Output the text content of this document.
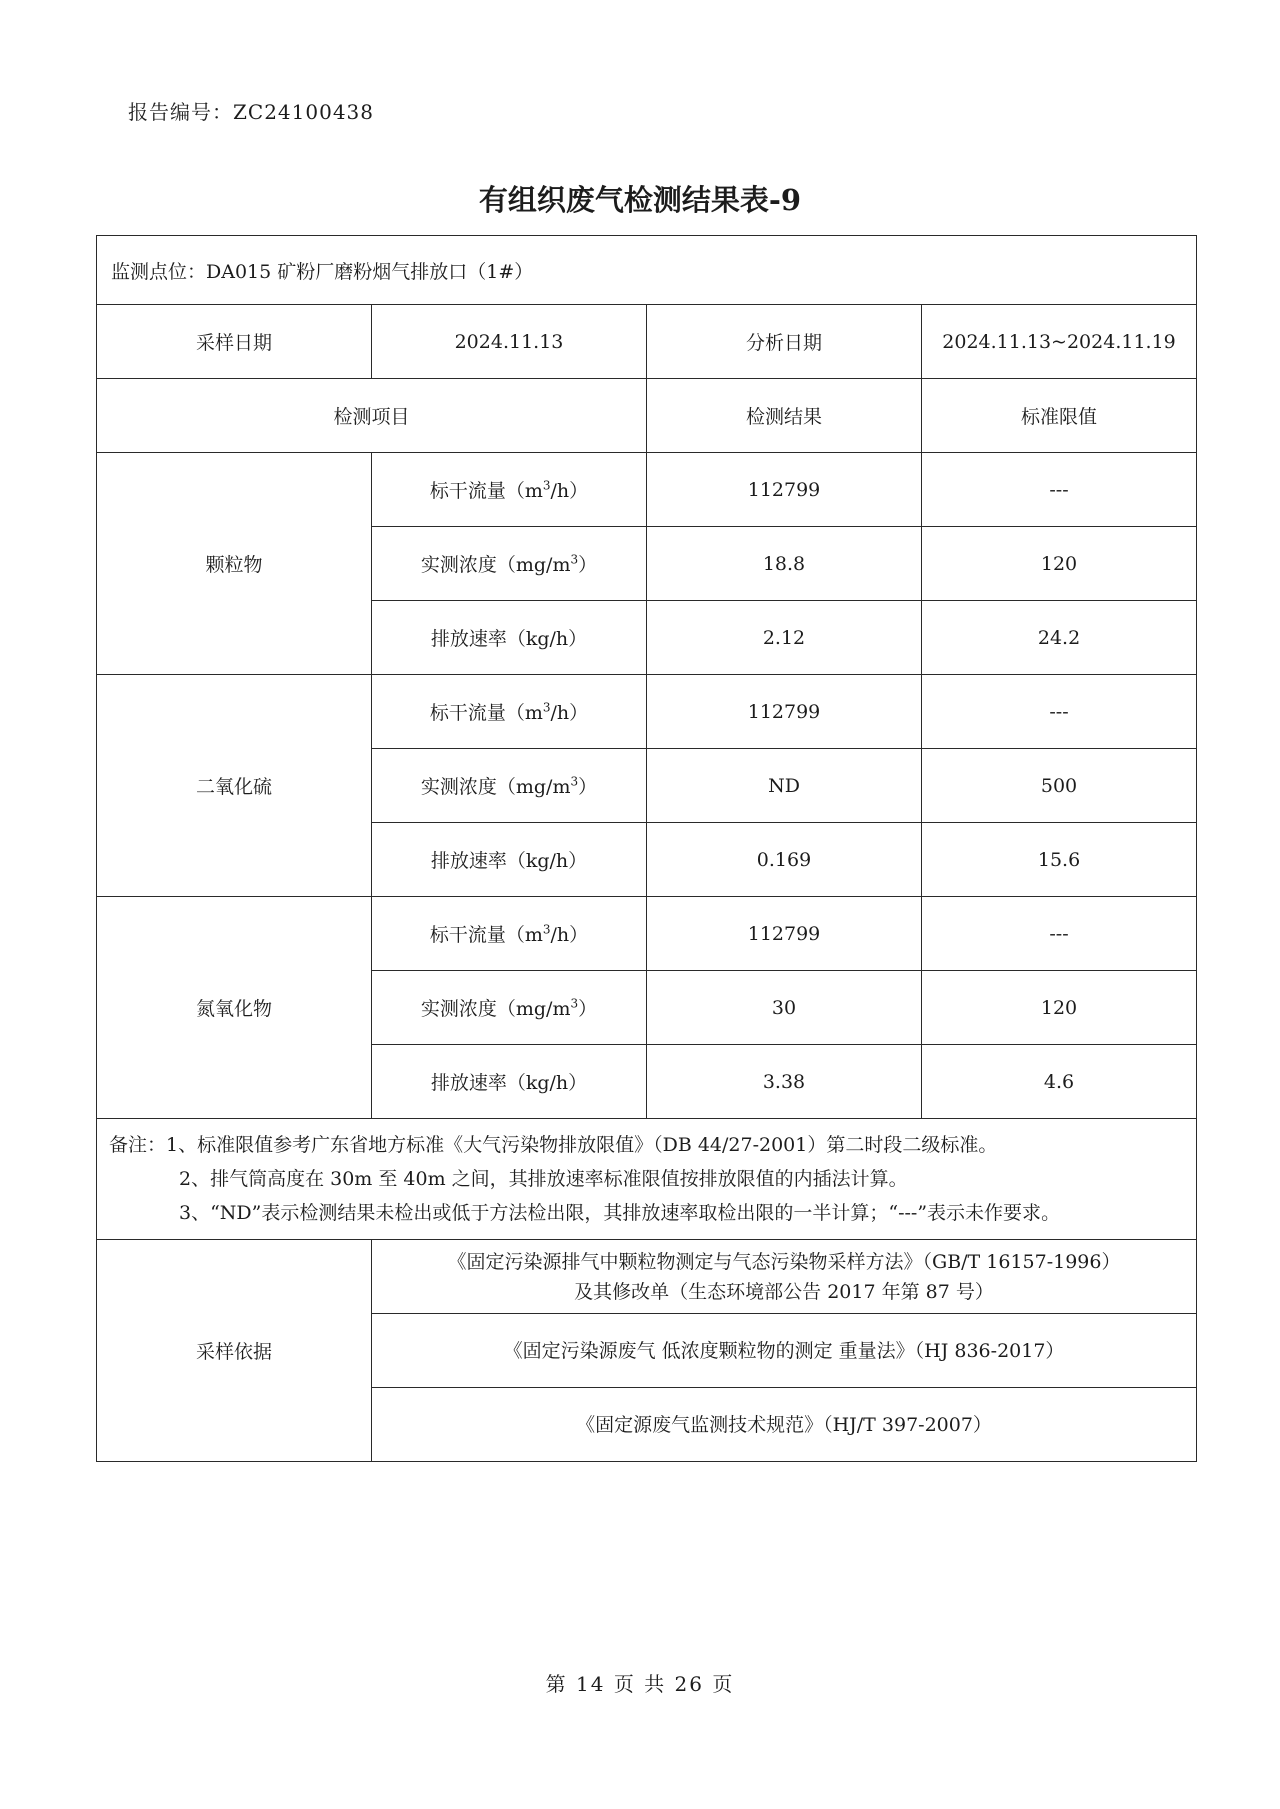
报告编号：ZC24100438
有组织废气检测结果表-9
监测点位：DA015 矿粉厂磨粉烟气排放口（1#）			
采样日期	2024.11.13	分析日期	2024.11.13~2024.11.19
检测项目		检测结果	标准限值
颗粒物	标干流量$(m^3/h)$	112799	---
	实测浓度$(mg/m^3)$	18.8	120
	排放速率（kg/h）	2.12	24.2
二氧化硫	标干流量$(m^3/h)$	112799	---
	实测浓度$(mg/m^3)$	ND	500
	排放速率（kg/h）	0.169	15.6
氮氧化物	标干流量$(m^3/h)$	112799	---
	实测浓度$(mg/m^3)$	30	120
	排放速率（kg/h）	3.38	4.6

备注：1、标准限值参考广东省地方标准《大气污染物排放限值》（DB 44/27-2001）第二时段二级标准。
2、排气筒高度在 30m 至 40m 之间，其排放速率标准限值按排放限值的内插法计算。
3、“ND”表示检测结果未检出或低于方法检出限，其排放速率取检出限的一半计算；“---”表示未作要求。			

采样依据	《固定污染源排气中颗粒物测定与气态污染物采样方法》（GB/T 16157-1996）
及其修改单（生态环境部公告 2017 年第 87 号）		

	《固定污染源废气 低浓度颗粒物的测定 重量法》（HJ 836-2017）		
	《固定源废气监测技术规范》（HJ/T 397-2007）		
第 14 页 共 26 页
